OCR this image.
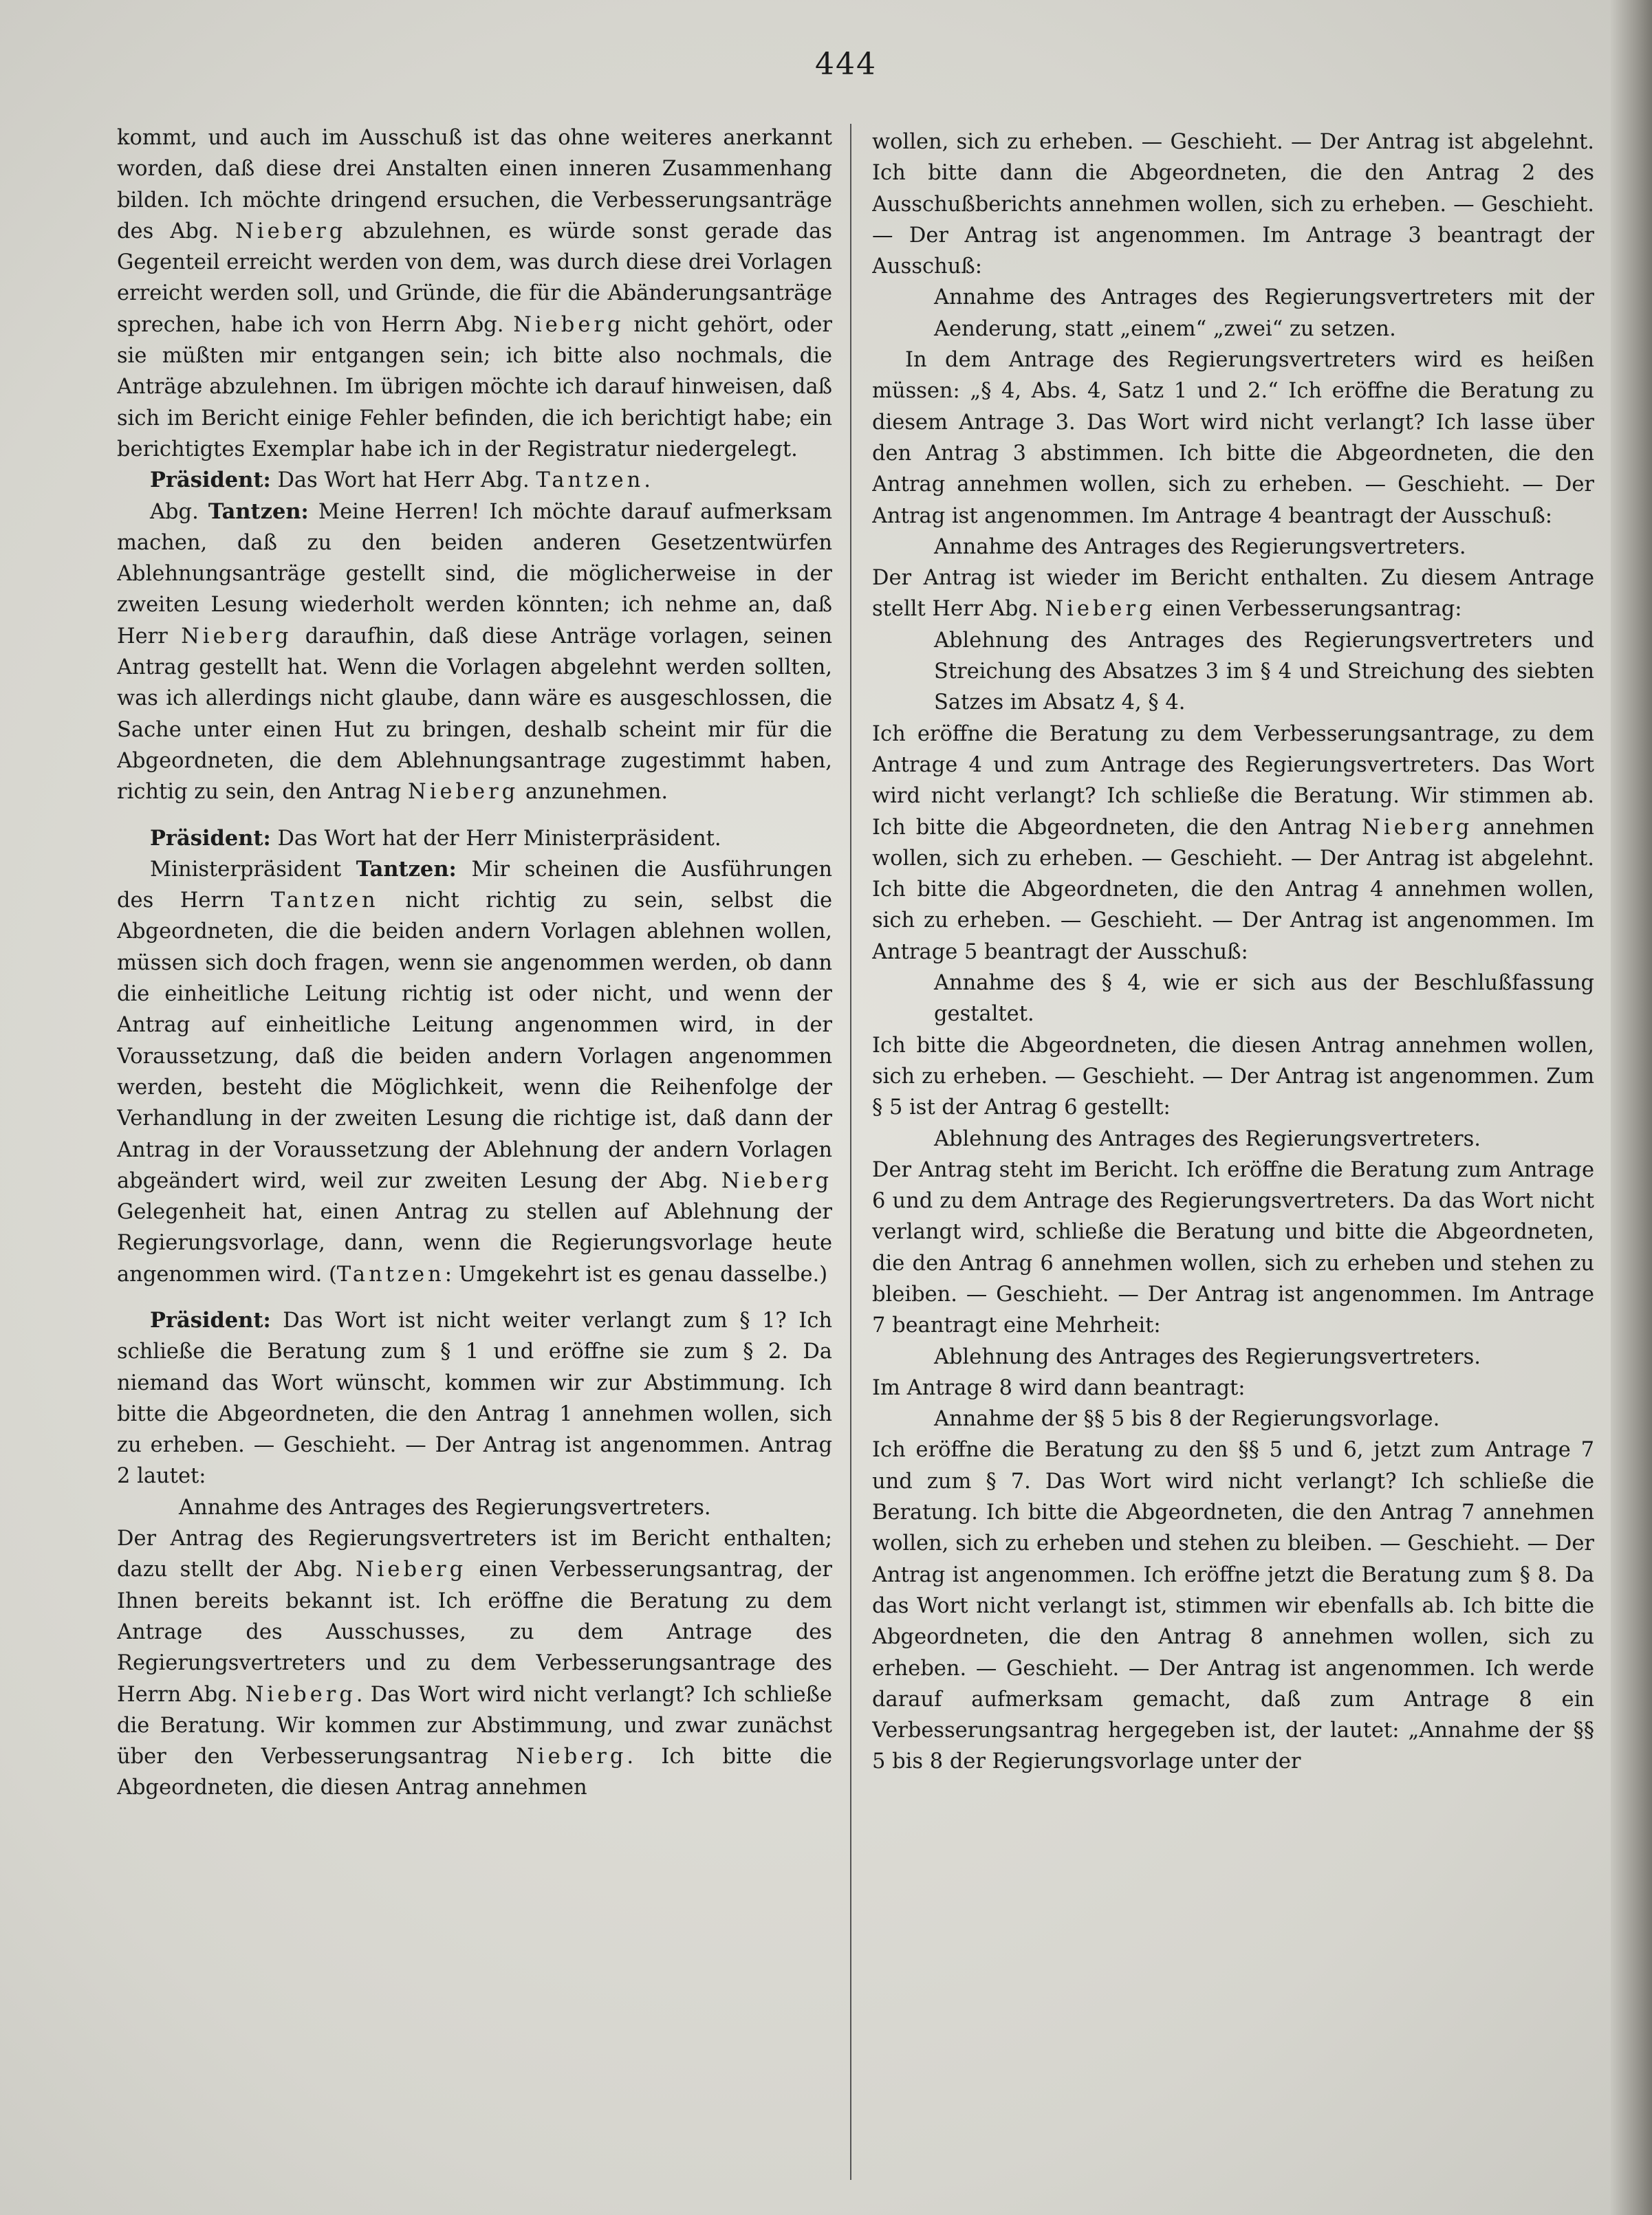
444

kommt, und auch im Ausschuß ist das ohne weiteres anerkannt worden, daß diese drei Anstalten einen inneren Zusammenhang bilden. Ich möchte dringend ersuchen, die Verbesserungsanträge des Abg. Nieberg abzulehnen, es würde sonst gerade das Gegenteil erreicht werden von dem, was durch diese drei Vorlagen erreicht werden soll, und Gründe, die für die Abänderungsanträge sprechen, habe ich von Herrn Abg. Nieberg nicht gehört, oder sie müßten mir entgangen sein; ich bitte also nochmals, die Anträge abzulehnen. Im übrigen möchte ich darauf hinweisen, daß sich im Bericht einige Fehler befinden, die ich berichtigt habe; ein berichtigtes Exemplar habe ich in der Registratur niedergelegt.

Präsident: Das Wort hat Herr Abg. Tantzen.

Abg. Tantzen: Meine Herren! Ich möchte darauf aufmerksam machen, daß zu den beiden anderen Gesetzentwürfen Ablehnungsanträge gestellt sind, die möglicherweise in der zweiten Lesung wiederholt werden könnten; ich nehme an, daß Herr Nieberg daraufhin, daß diese Anträge vorlagen, seinen Antrag gestellt hat. Wenn die Vorlagen abgelehnt werden sollten, was ich allerdings nicht glaube, dann wäre es ausgeschlossen, die Sache unter einen Hut zu bringen, deshalb scheint mir für die Abgeordneten, die dem Ablehnungsantrage zugestimmt haben, richtig zu sein, den Antrag Nieberg anzunehmen.

Präsident: Das Wort hat der Herr Ministerpräsident.

Ministerpräsident Tantzen: Mir scheinen die Ausführungen des Herrn Tantzen nicht richtig zu sein, selbst die Abgeordneten, die die beiden andern Vorlagen ablehnen wollen, müssen sich doch fragen, wenn sie angenommen werden, ob dann die einheitliche Leitung richtig ist oder nicht, und wenn der Antrag auf einheitliche Leitung angenommen wird, in der Voraussetzung, daß die beiden andern Vorlagen angenommen werden, besteht die Möglichkeit, wenn die Reihenfolge der Verhandlung in der zweiten Lesung die richtige ist, daß dann der Antrag in der Voraussetzung der Ablehnung der andern Vorlagen abgeändert wird, weil zur zweiten Lesung der Abg. Nieberg Gelegenheit hat, einen Antrag zu stellen auf Ablehnung der Regierungsvorlage, dann, wenn die Regierungsvorlage heute angenommen wird. (Tantzen: Umgekehrt ist es genau dasselbe.)

Präsident: Das Wort ist nicht weiter verlangt zum § 1? Ich schließe die Beratung zum § 1 und eröffne sie zum § 2. Da niemand das Wort wünscht, kommen wir zur Abstimmung. Ich bitte die Abgeordneten, die den Antrag 1 annehmen wollen, sich zu erheben. — Geschieht. — Der Antrag ist angenommen. Antrag 2 lautet:

Annahme des Antrages des Regierungsvertreters.

Der Antrag des Regierungsvertreters ist im Bericht enthalten; dazu stellt der Abg. Nieberg einen Verbesserungsantrag, der Ihnen bereits bekannt ist. Ich eröffne die Beratung zu dem Antrage des Ausschusses, zu dem Antrage des Regierungsvertreters und zu dem Verbesserungsantrage des Herrn Abg. Nieberg. Das Wort wird nicht verlangt? Ich schließe die Beratung. Wir kommen zur Abstimmung, und zwar zunächst über den Verbesserungsantrag Nieberg. Ich bitte die Abgeordneten, die diesen Antrag annehmen

wollen, sich zu erheben. — Geschieht. — Der Antrag ist abgelehnt. Ich bitte dann die Abgeordneten, die den Antrag 2 des Ausschußberichts annehmen wollen, sich zu erheben. — Geschieht. — Der Antrag ist angenommen. Im Antrage 3 beantragt der Ausschuß:

Annahme des Antrages des Regierungsvertreters mit der Aenderung, statt „einem“ „zwei“ zu setzen.

In dem Antrage des Regierungsvertreters wird es heißen müssen: „§ 4, Abs. 4, Satz 1 und 2.“ Ich eröffne die Beratung zu diesem Antrage 3. Das Wort wird nicht verlangt? Ich lasse über den Antrag 3 abstimmen. Ich bitte die Abgeordneten, die den Antrag annehmen wollen, sich zu erheben. — Geschieht. — Der Antrag ist angenommen. Im Antrage 4 beantragt der Ausschuß:

Annahme des Antrages des Regierungsvertreters.

Der Antrag ist wieder im Bericht enthalten. Zu diesem Antrage stellt Herr Abg. Nieberg einen Verbesserungsantrag:

Ablehnung des Antrages des Regierungsvertreters und Streichung des Absatzes 3 im § 4 und Streichung des siebten Satzes im Absatz 4, § 4.

Ich eröffne die Beratung zu dem Verbesserungsantrage, zu dem Antrage 4 und zum Antrage des Regierungsvertreters. Das Wort wird nicht verlangt? Ich schließe die Beratung. Wir stimmen ab. Ich bitte die Abgeordneten, die den Antrag Nieberg annehmen wollen, sich zu erheben. — Geschieht. — Der Antrag ist abgelehnt. Ich bitte die Abgeordneten, die den Antrag 4 annehmen wollen, sich zu erheben. — Geschieht. — Der Antrag ist angenommen. Im Antrage 5 beantragt der Ausschuß:

Annahme des § 4, wie er sich aus der Beschlußfassung gestaltet.

Ich bitte die Abgeordneten, die diesen Antrag annehmen wollen, sich zu erheben. — Geschieht. — Der Antrag ist angenommen. Zum § 5 ist der Antrag 6 gestellt:

Ablehnung des Antrages des Regierungsvertreters.

Der Antrag steht im Bericht. Ich eröffne die Beratung zum Antrage 6 und zu dem Antrage des Regierungsvertreters. Da das Wort nicht verlangt wird, schließe die Beratung und bitte die Abgeordneten, die den Antrag 6 annehmen wollen, sich zu erheben und stehen zu bleiben. — Geschieht. — Der Antrag ist angenommen. Im Antrage 7 beantragt eine Mehrheit:

Ablehnung des Antrages des Regierungsvertreters.

Im Antrage 8 wird dann beantragt:

Annahme der §§ 5 bis 8 der Regierungsvorlage.

Ich eröffne die Beratung zu den §§ 5 und 6, jetzt zum Antrage 7 und zum § 7. Das Wort wird nicht verlangt? Ich schließe die Beratung. Ich bitte die Abgeordneten, die den Antrag 7 annehmen wollen, sich zu erheben und stehen zu bleiben. — Geschieht. — Der Antrag ist angenommen. Ich eröffne jetzt die Beratung zum § 8. Da das Wort nicht verlangt ist, stimmen wir ebenfalls ab. Ich bitte die Abgeordneten, die den Antrag 8 annehmen wollen, sich zu erheben. — Geschieht. — Der Antrag ist angenommen. Ich werde darauf aufmerksam gemacht, daß zum Antrage 8 ein Verbesserungsantrag hergegeben ist, der lautet: „Annahme der §§ 5 bis 8 der Regierungsvorlage unter der
